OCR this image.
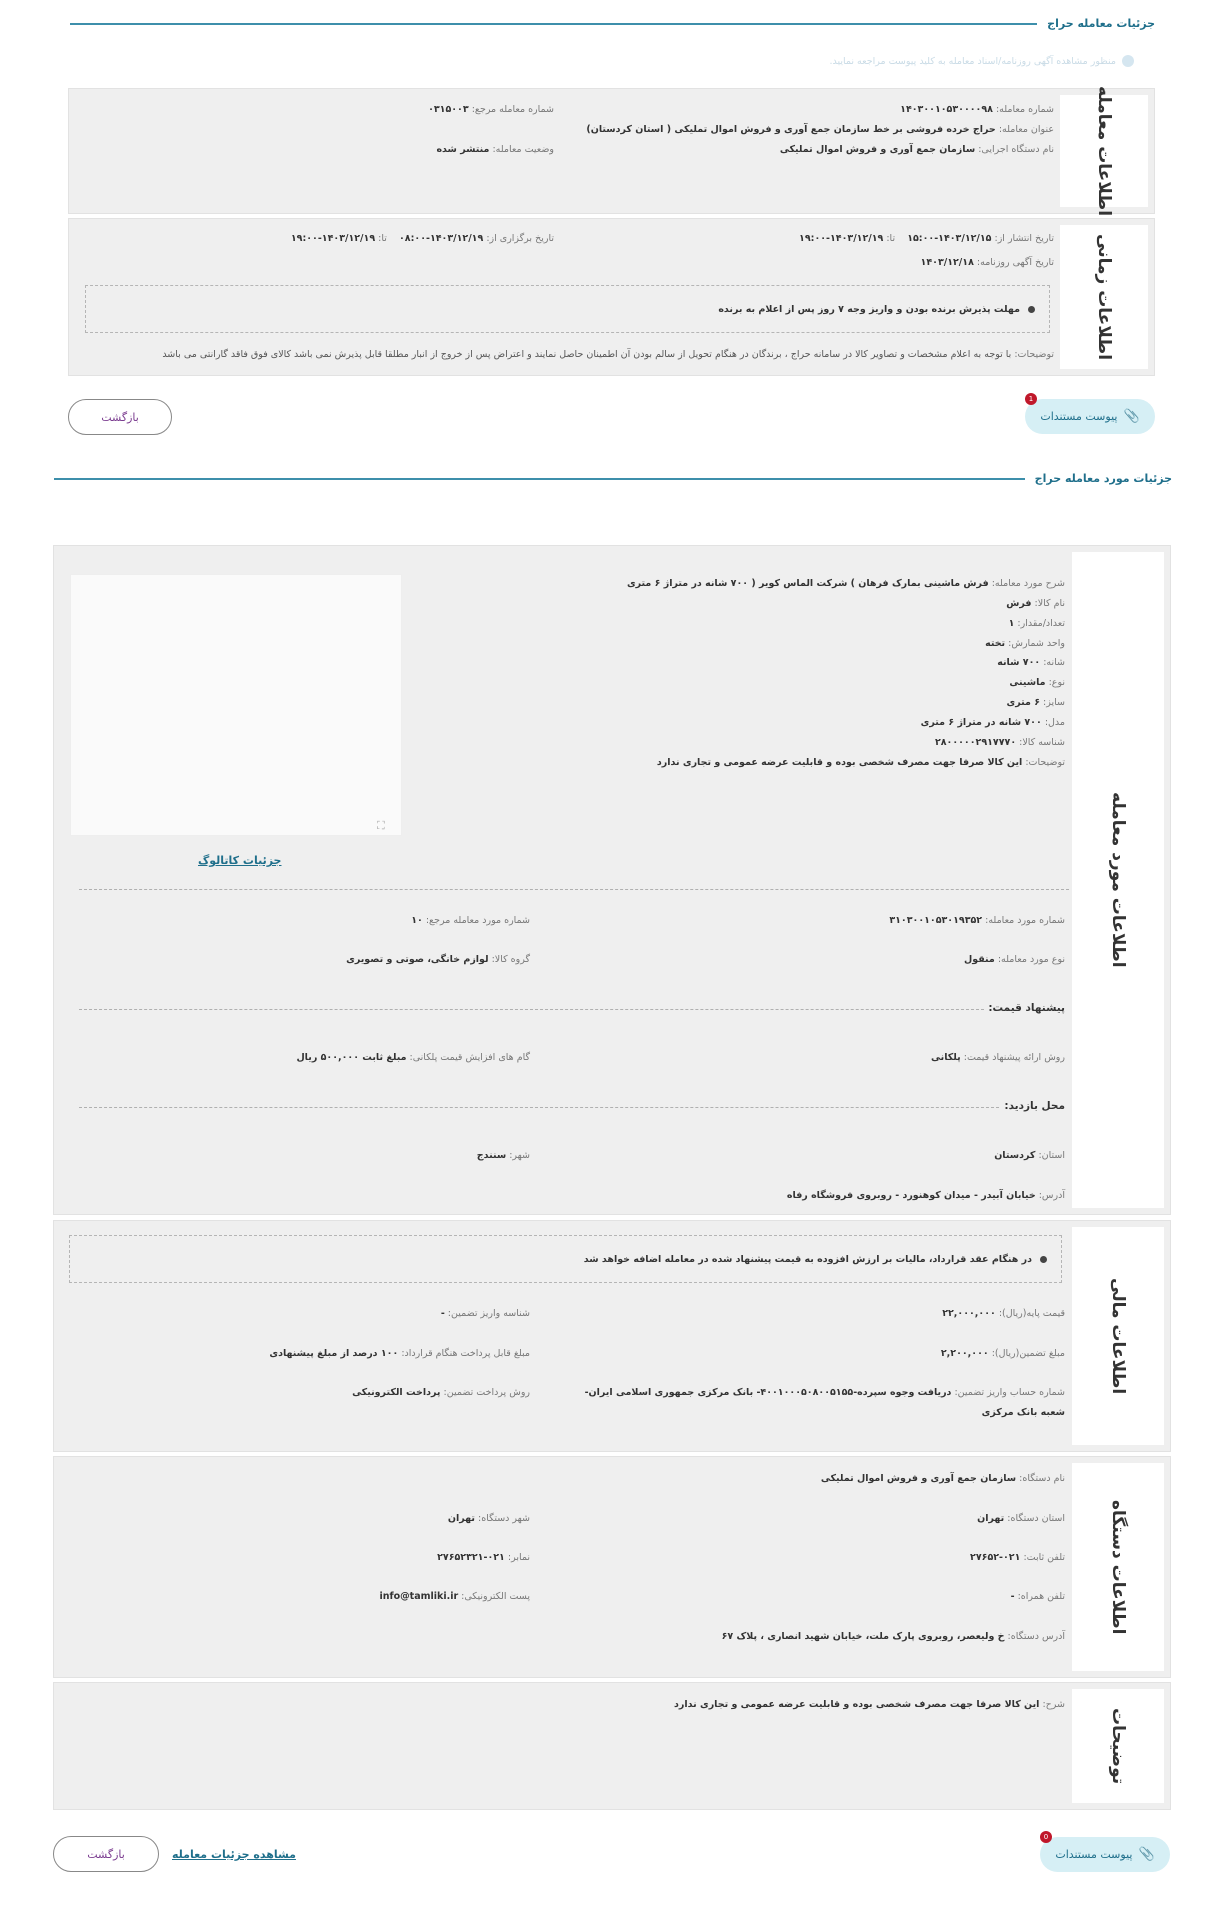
جزئیات معامله حراج
منظور مشاهده آگهی روزنامه/اسناد معامله به کلید پیوست مراجعه نمایید.
اطلاعات معامله
شماره معامله: ۱۴۰۳۰۰۱۰۵۳۰۰۰۰۹۸
شماره معامله مرجع: ۰۳۱۵۰۰۳
عنوان معامله: حراج خرده فروشی بر خط سازمان جمع آوری و فروش اموال تملیکی ( استان کردستان)
نام دستگاه اجرایی: سازمان جمع آوری و فروش اموال تملیکی
وضعیت معامله: منتشر شده
اطلاعات زمانی
تاریخ انتشار از: ۱۴۰۳/۱۲/۱۵-۱۵:۰۰    تا: ۱۴۰۳/۱۲/۱۹-۱۹:۰۰
تاریخ برگزاری از: ۱۴۰۳/۱۲/۱۹-۰۸:۰۰    تا: ۱۴۰۳/۱۲/۱۹-۱۹:۰۰
تاریخ آگهی روزنامه: ۱۴۰۳/۱۲/۱۸
مهلت پذیرش برنده بودن و واریز وجه ۷ روز پس از اعلام به برنده
توضیحات: با توجه به اعلام مشخصات و تصاویر کالا در سامانه حراج ، برندگان در هنگام تحویل از سالم بودن آن اطمینان حاصل نمایند و اعتراض پس از خروج از انبار مطلقا قابل پذیرش نمی باشد کالای فوق فاقد گارانتی می باشد
📎
پیوست مستندات
1
بازگشت
جزئیات مورد معامله حراج
اطلاعات مورد معامله
شرح مورد معامله: فرش ماشینی بمارک فرهان ) شرکت الماس کویر ( ۷۰۰ شانه در متراژ ۶ متری
نام کالا: فرش
تعداد/مقدار: ۱
واحد شمارش: تخته
شانه: ۷۰۰ شانه
نوع: ماشینی
سایز: ۶ متری
مدل: ۷۰۰ شانه در متراژ ۶ متری
شناسه کالا: ۲۸۰۰۰۰۰۲۹۱۷۷۷۰
توضیحات: این کالا صرفا جهت مصرف شخصی بوده و قابلیت عرضه عمومی و تجاری ندارد
⛶
جزئیات کاتالوگ
شماره مورد معامله: ۳۱۰۳۰۰۱۰۵۳۰۱۹۳۵۲
شماره مورد معامله مرجع: ۱۰
نوع مورد معامله: منقول
گروه کالا: لوازم خانگی، صوتی و تصویری
پیشنهاد قیمت:
روش ارائه پیشنهاد قیمت: پلکانی
گام های افزایش قیمت پلکانی: مبلغ ثابت ۵۰۰,۰۰۰ ریال
محل بازدید:
استان: کردستان
شهر: سنندج
آدرس: خیابان آبیدر - میدان کوهنورد - روبروی فروشگاه رفاه
اطلاعات مالی
در هنگام عقد قرارداد، مالیات بر ارزش افزوده به قیمت پیشنهاد شده در معامله اضافه خواهد شد
قیمت پایه(ریال): ۲۲,۰۰۰,۰۰۰
شناسه واریز تضمین: -
مبلغ تضمین(ریال): ۲,۲۰۰,۰۰۰
مبلغ قابل پرداخت هنگام قرارداد: ۱۰۰ درصد از مبلغ پیشنهادی
شماره حساب واریز تضمین: دریافت وجوه سپرده-۴۰۰۱۰۰۰۵۰۸۰۰۵۱۵۵- بانک مرکزی جمهوری اسلامی ایران-
شعبه بانک مرکزی
روش پرداخت تضمین: پرداخت الکترونیکی
اطلاعات دستگاه
نام دستگاه: سازمان جمع آوری و فروش اموال تملیکی
استان دستگاه: تهران
شهر دستگاه: تهران
تلفن ثابت: ۰۲۱-۲۷۶۵۲
نمابر: ۰۲۱-۲۷۶۵۲۳۲۱
تلفن همراه: -
پست الکترونیکی: info@tamliki.ir
آدرس دستگاه: خ ولیعصر، روبروی پارک ملت، خیابان شهید انصاری ، پلاک ۶۷
توضیحات
شرح: این کالا صرفا جهت مصرف شخصی بوده و قابلیت عرضه عمومی و تجاری ندارد
📎
پیوست مستندات
0
بازگشت	مشاهده جزئیات معامله
